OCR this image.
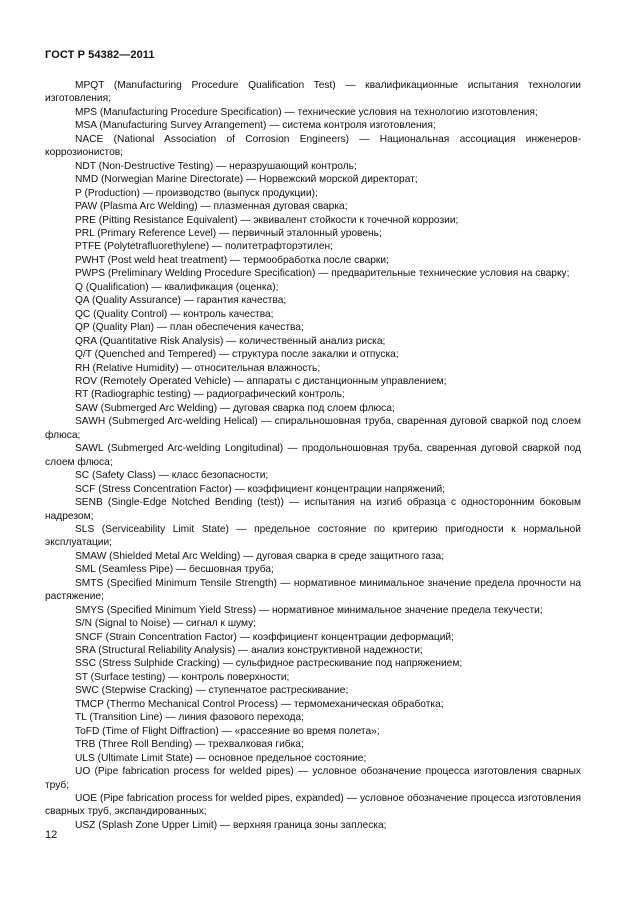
ГОСТ Р 54382—2011

MPQT (Manufacturing Procedure Qualification Test) — квалификационные испытания технологии изготовления;

MPS (Manufacturing Procedure Specification) — технические условия на технологию изготовления;

MSA (Manufacturing Survey Arrangement) — система контроля изготовления;

NACE (National Association of Corrosion Engineers) — Национальная ассоциация инженеров-коррозионистов;

NDT (Non-Destructive Testing) — неразрушающий контроль;

NMD (Norwegian Marine Directorate) — Норвежский морской директорат;

P (Production) — производство (выпуск продукции);

PAW (Plasma Arc Welding) — плазменная дуговая сварка;

PRE (Pitting Resistance Equivalent) — эквивалент стойкости к точечной коррозии;

PRL (Primary Reference Level) — первичный эталонный уровень;

PTFE (Polytetrafluorethylene) — политетрафторэтилен;

PWHT (Post weld heat treatment) — термообработка после сварки;

PWPS (Preliminary Welding Procedure Specification) — предварительные технические условия на сварку;

Q (Qualification) — квалификация (оценка);

QA (Quality Assurance) — гарантия качества;

QC (Quality Control) — контроль качества;

QP (Quality Plan) — план обеспечения качества;

QRA (Quantitative Risk Analysis) — количественный анализ риска;

Q/T (Quenched and Tempered) — структура после закалки и отпуска;

RH (Relative Humidity) — относительная влажность;

ROV (Remotely Operated Vehicle) — аппараты с дистанционным управлением;

RT (Radiographic testing) — радиографический контроль;

SAW (Submerged Arc Welding) — дуговая сварка под слоем флюса;

SAWH (Submerged Arc-welding Helical) — спиральношовная труба, сваренная дуговой сваркой под слоем флюса;

SAWL (Submerged Arc-welding Longitudinal) — продольношовная труба, сваренная дуговой сваркой под слоем флюса;

SC (Safety Class) — класс безопасности;

SCF (Stress Concentration Factor) — коэффициент концентрации напряжений;

SENB (Single-Edge Notched Bending (test)) — испытания на изгиб образца с односторонним боковым надрезом;

SLS (Serviceability Limit State) — предельное состояние по критерию пригодности к нормальной эксплуатации;

SMAW (Shielded Metal Arc Welding) — дуговая сварка в среде защитного газа;

SML (Seamless Pipe) — бесшовная труба;

SMTS (Specified Minimum Tensile Strength) — нормативное минимальное значение предела прочности на растяжение;

SMYS (Specified Minimum Yield Stress) — нормативное минимальное значение предела текучести;

S/N (Signal to Noise) — сигнал к шуму;

SNCF (Strain Concentration Factor) — коэффициент концентрации деформаций;

SRA (Structural Reliability Analysis) — анализ конструктивной надежности;

SSC (Stress Sulphide Cracking) — сульфидное растрескивание под напряжением;

ST (Surface testing) — контроль поверхности;

SWC (Stepwise Cracking) — ступенчатое растрескивание;

TMCP (Thermo Mechanical Control Process) — термомеханическая обработка;

TL (Transition Line) — линия фазового перехода;

ToFD (Time of Flight Diffraction) — «рассеяние во время полета»;

TRB (Three Roll Bending) — трехвалковая гибка;

ULS (Ultimate Limit State) — основное предельное состояние;

UO (Pipe fabrication process for welded pipes) — условное обозначение процесса изготовления сварных труб;

UOE (Pipe fabrication process for welded pipes, expanded) — условное обозначение процесса изготовления сварных труб, экспандированных;

USZ (Splash Zone Upper Limit) — верхняя граница зоны заплеска;

12
